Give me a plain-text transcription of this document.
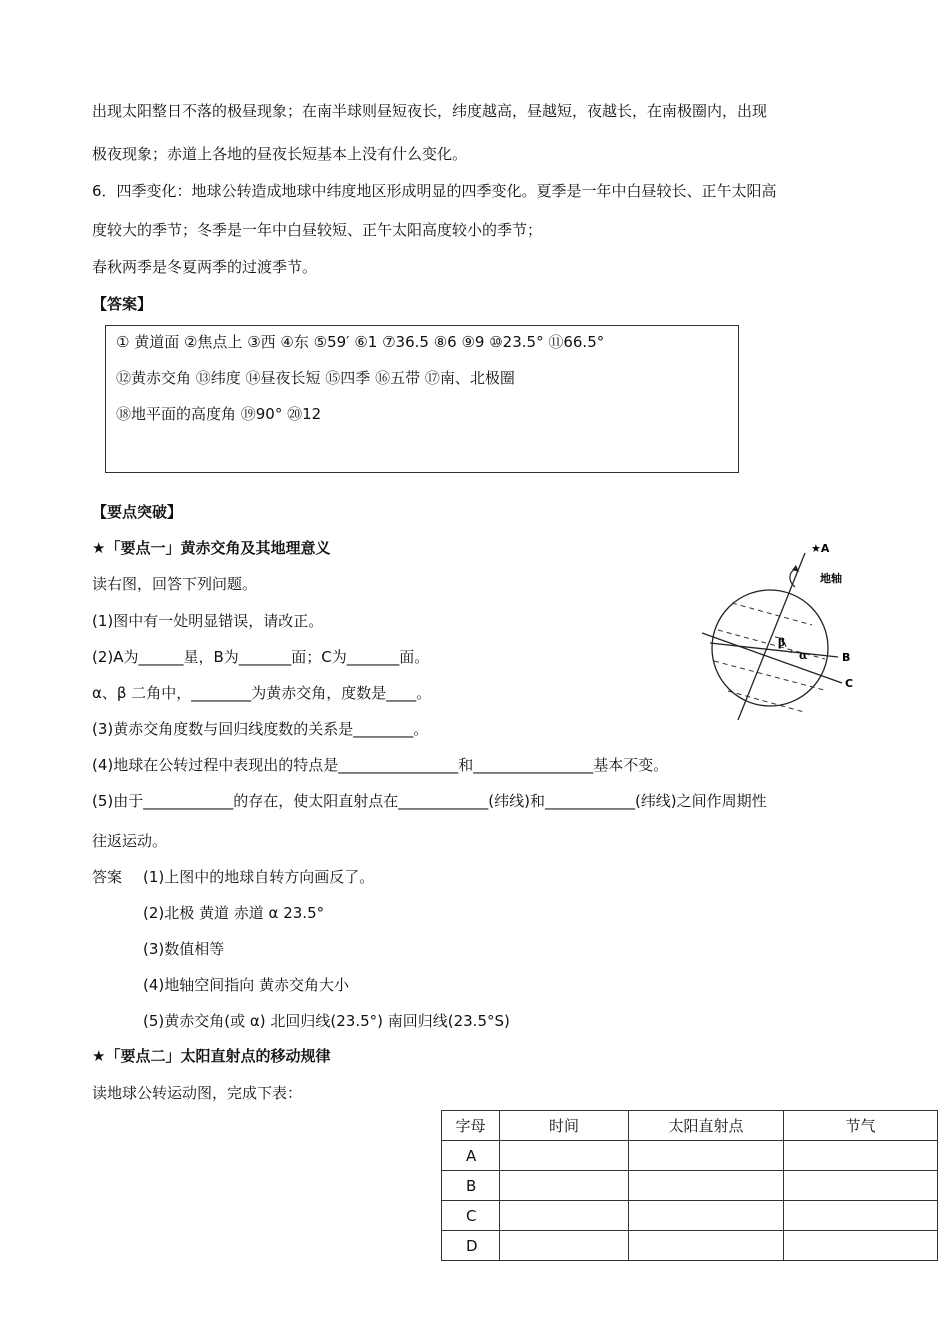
出现太阳整日不落的极昼现象；在南半球则昼短夜长，纬度越高，昼越短，夜越长，在南极圈内，出现
极夜现象；赤道上各地的昼夜长短基本上没有什么变化。
6．四季变化：地球公转造成地球中纬度地区形成明显的四季变化。夏季是一年中白昼较长、正午太阳高
度较大的季节；冬季是一年中白昼较短、正午太阳高度较小的季节；
春秋两季是冬夏两季的过渡季节。
【答案】
① 黄道面 ②焦点上 ③西 ④东 ⑤59′ ⑥1 ⑦36.5 ⑧6 ⑨9 ⑩23.5° ⑪66.5°
⑫黄赤交角 ⑬纬度 ⑭昼夜长短 ⑮四季 ⑯五带 ⑰南、北极圈
⑱地平面的高度角 ⑲90° ⑳12
【要点突破】
★「要点一」黄赤交角及其地理意义
读右图，回答下列问题。
(1)图中有一处明显错误，请改正。
(2)A为______星，B为_______面；C为_______面。
α、β 二角中，________为黄赤交角，度数是____。
(3)黄赤交角度数与回归线度数的关系是________。
(4)地球在公转过程中表现出的特点是________________和________________基本不变。
(5)由于____________的存在，使太阳直射点在____________(纬线)和____________(纬线)之间作周期性
往返运动。
答案 (1)上图中的地球自转方向画反了。
(2)北极 黄道 赤道 α 23.5°
(3)数值相等
(4)地轴空间指向 黄赤交角大小
(5)黄赤交角(或 α) 北回归线(23.5°) 南回归线(23.5°S)
★A
地轴
β
α	B
C
★「要点二」太阳直射点的移动规律
读地球公转运动图，完成下表：
字母	时间	太阳直射点	节气
A			
B			
C			
D			
